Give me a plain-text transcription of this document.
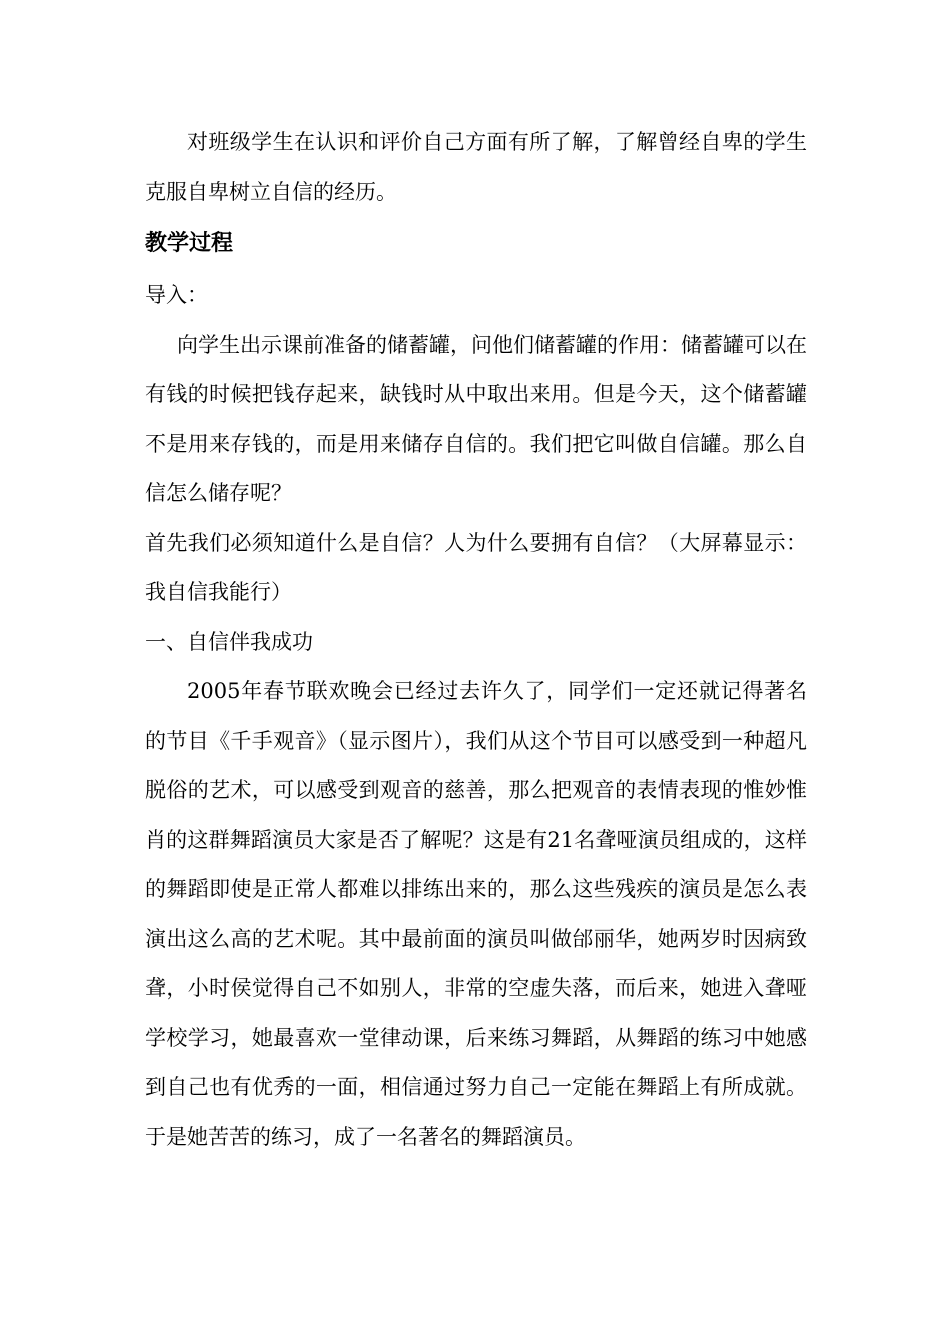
对班级学生在认识和评价自己方面有所了解，了解曾经自卑的学生克服自卑树立自信的经历。

教学过程

导入：

向学生出示课前准备的储蓄罐，问他们储蓄罐的作用：储蓄罐可以在有钱的时候把钱存起来，缺钱时从中取出来用。但是今天，这个储蓄罐不是用来存钱的，而是用来储存自信的。我们把它叫做自信罐。那么自信怎么储存呢？

首先我们必须知道什么是自信？人为什么要拥有自信？（大屏幕显示：我自信我能行）

一、自信伴我成功

2005年春节联欢晚会已经过去许久了，同学们一定还就记得著名的节目《千手观音》（显示图片），我们从这个节目可以感受到一种超凡脱俗的艺术，可以感受到观音的慈善，那么把观音的表情表现的惟妙惟肖的这群舞蹈演员大家是否了解呢？这是有21名聋哑演员组成的，这样的舞蹈即使是正常人都难以排练出来的，那么这些残疾的演员是怎么表演出这么高的艺术呢。其中最前面的演员叫做邰丽华，她两岁时因病致聋，小时侯觉得自己不如别人，非常的空虚失落，而后来，她进入聋哑学校学习，她最喜欢一堂律动课，后来练习舞蹈，从舞蹈的练习中她感到自己也有优秀的一面，相信通过努力自己一定能在舞蹈上有所成就。于是她苦苦的练习，成了一名著名的舞蹈演员。
